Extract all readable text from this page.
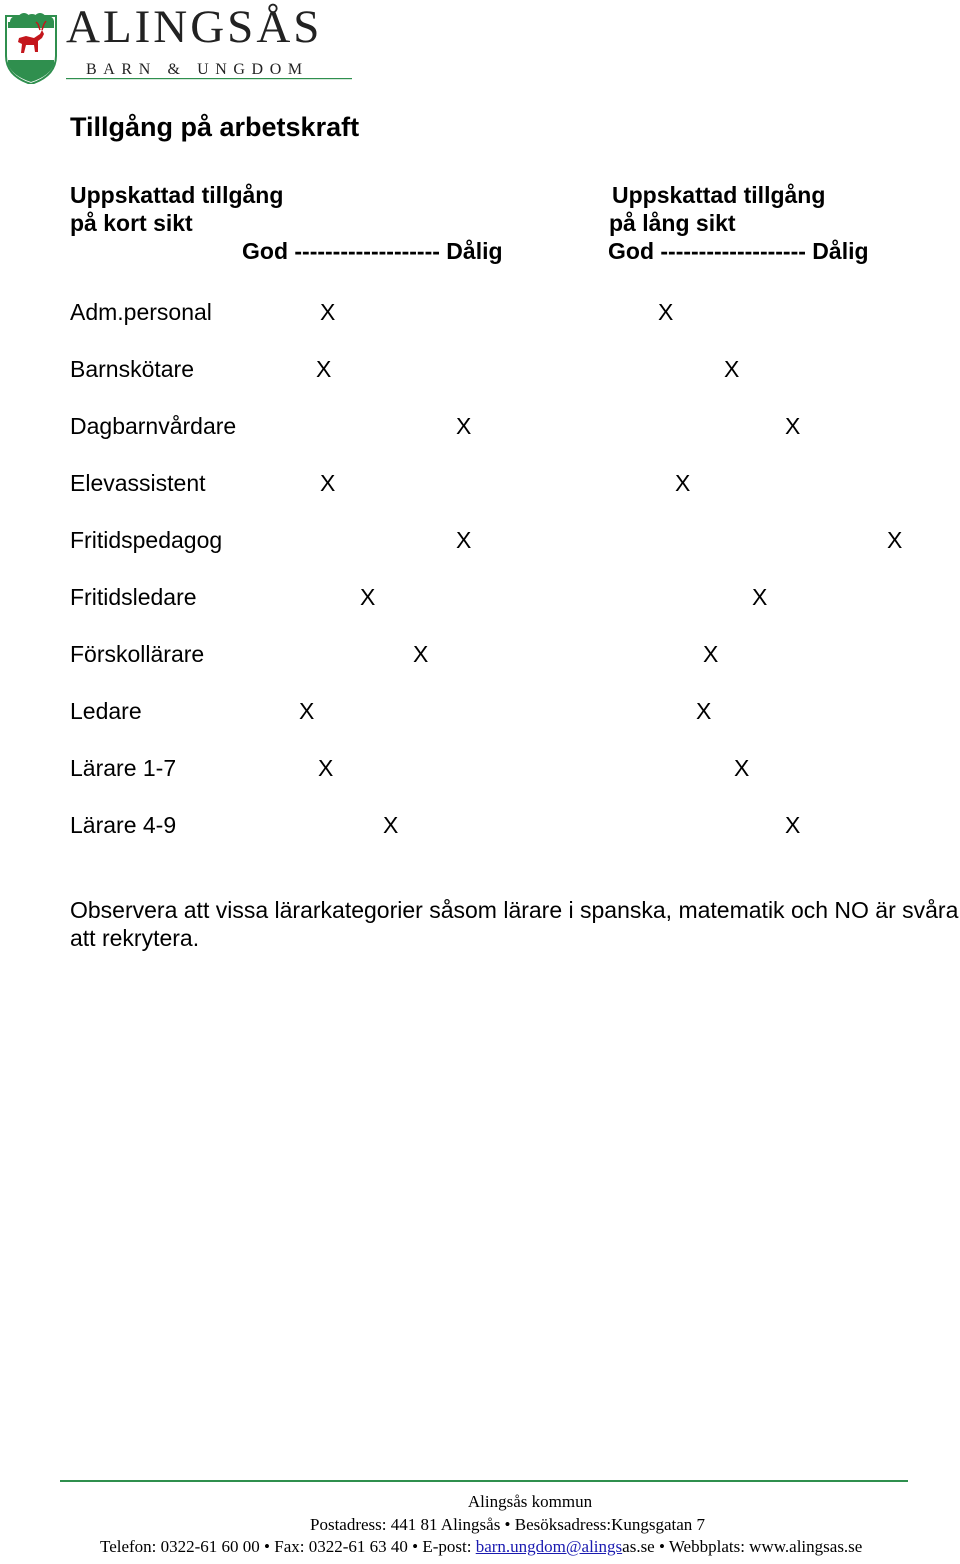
ALINGSÅS
BARN & UNGDOM
Tillgång på arbetskraft
Uppskattad tillgång
på kort sikt
God ------------------- Dålig
Uppskattad tillgång
på lång sikt
God ------------------- Dålig
Adm.personal	X	X
Barnskötare	X	X
Dagbarnvårdare	X	X
Elevassistent	X	X
Fritidspedagog	X	X
Fritidsledare	X	X
Förskollärare	X	X
Ledare	X	X
Lärare 1-7	X	X
Lärare 4-9	X	X
Observera att vissa lärarkategorier såsom lärare i spanska, matematik och NO är svåra att rekrytera.
Alingsås kommun
Postadress: 441 81 Alingsås • Besöksadress:Kungsgatan 7
Telefon: 0322-61 60 00 • Fax: 0322-61 63 40 • E-post: barn.ungdom@alingsas.se • Webbplats: www.alingsas.se
